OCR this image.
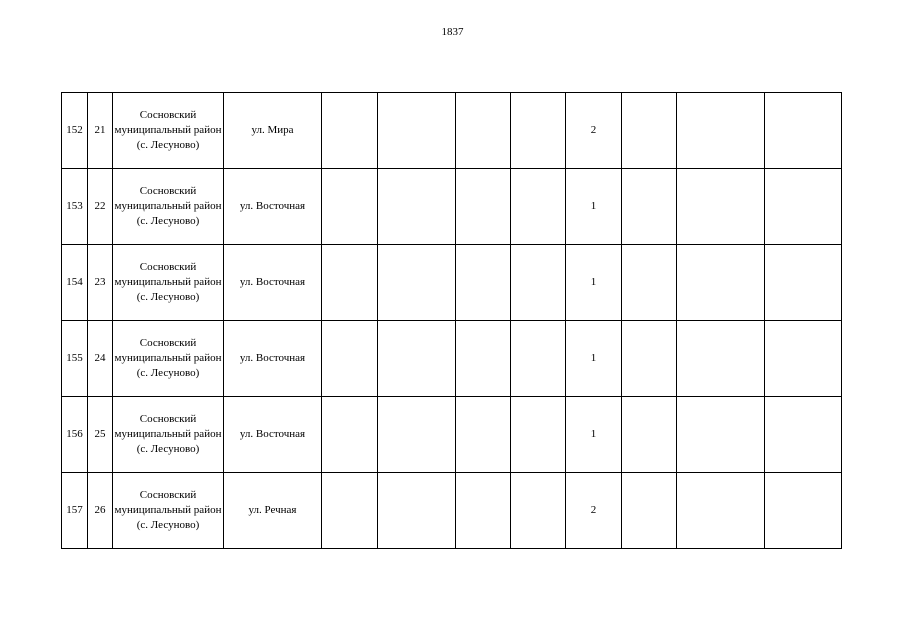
1837
152	21	Сосновский муниципальный район (с. Лесуново)	ул. Мира					2			
153	22	Сосновский муниципальный район (с. Лесуново)	ул. Восточная					1			
154	23	Сосновский муниципальный район (с. Лесуново)	ул. Восточная					1			
155	24	Сосновский муниципальный район (с. Лесуново)	ул. Восточная					1			
156	25	Сосновский муниципальный район (с. Лесуново)	ул. Восточная					1			
157	26	Сосновский муниципальный район (с. Лесуново)	ул. Речная					2			
